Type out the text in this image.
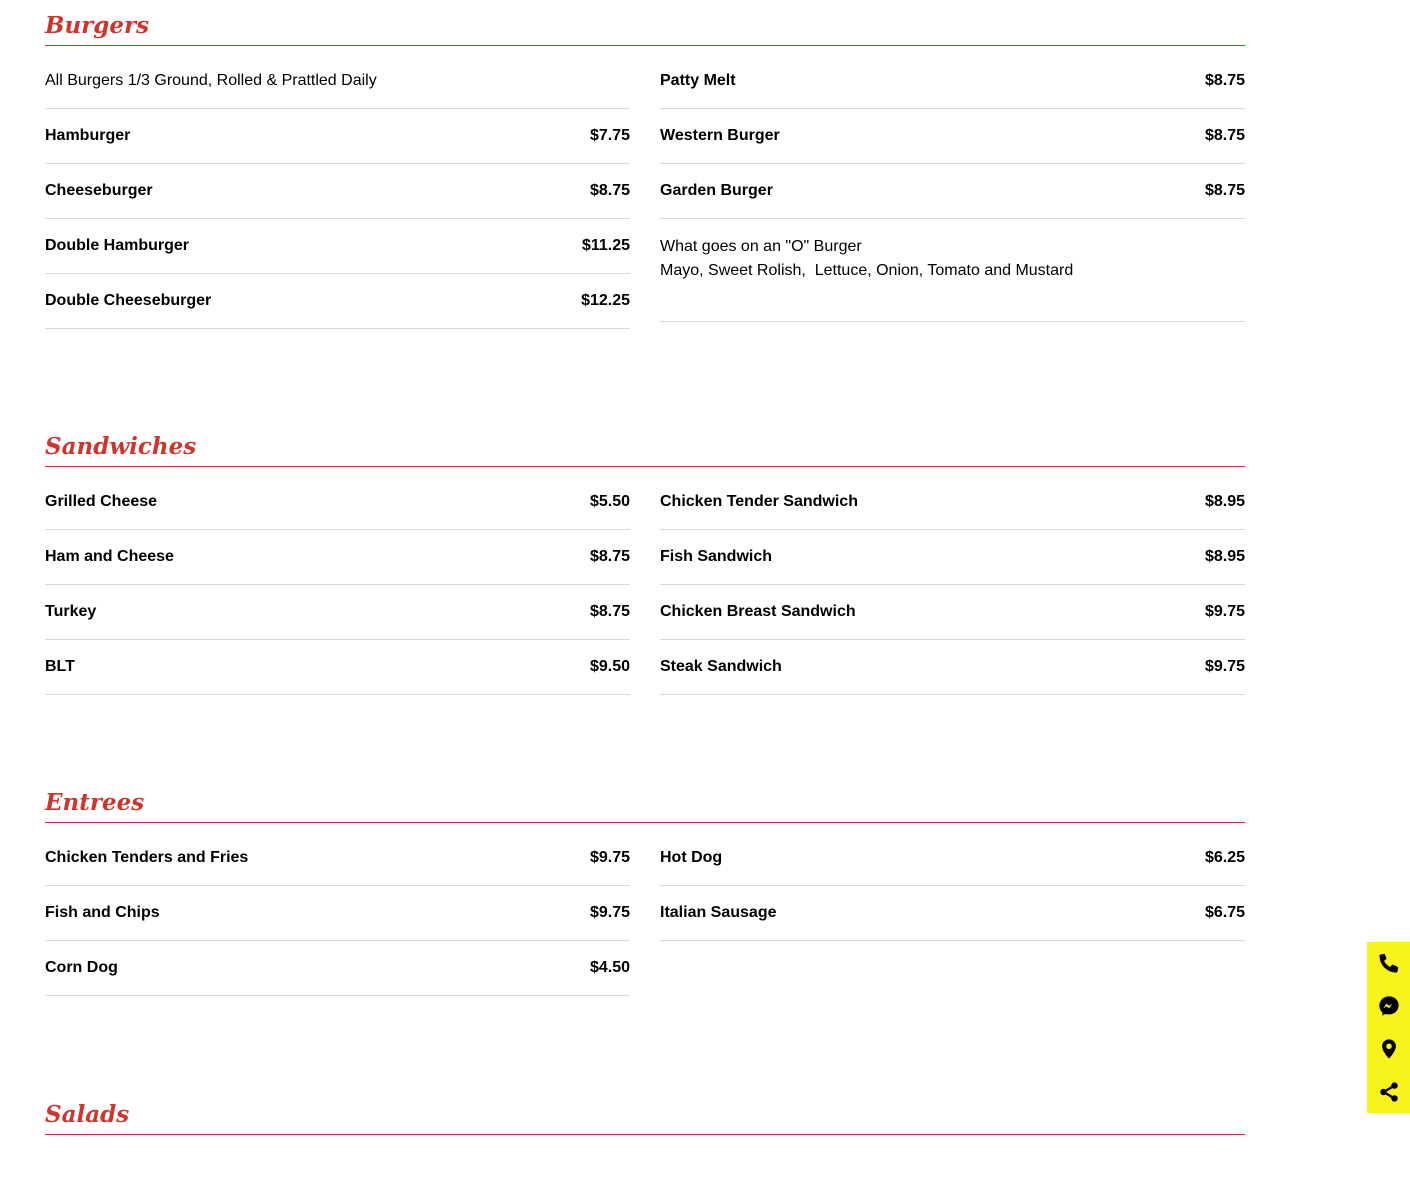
Burgers
All Burgers 1/3 Ground, Rolled & Prattled Daily
Hamburger	$7.75
Cheeseburger	$8.75
Double Hamburger	$11.25
Double Cheeseburger	$12.25
Patty Melt	$8.75
Western Burger	$8.75
Garden Burger	$8.75
What goes on an "O" Burger
Mayo, Sweet Rolish,  Lettuce, Onion, Tomato and Mustard
Sandwiches
Grilled Cheese	$5.50
Ham and Cheese	$8.75
Turkey	$8.75
BLT	$9.50
Chicken Tender Sandwich	$8.95
Fish Sandwich	$8.95
Chicken Breast Sandwich	$9.75
Steak Sandwich	$9.75
Entrees
Chicken Tenders and Fries	$9.75
Fish and Chips	$9.75
Corn Dog	$4.50
Hot Dog	$6.25
Italian Sausage	$6.75
Salads
